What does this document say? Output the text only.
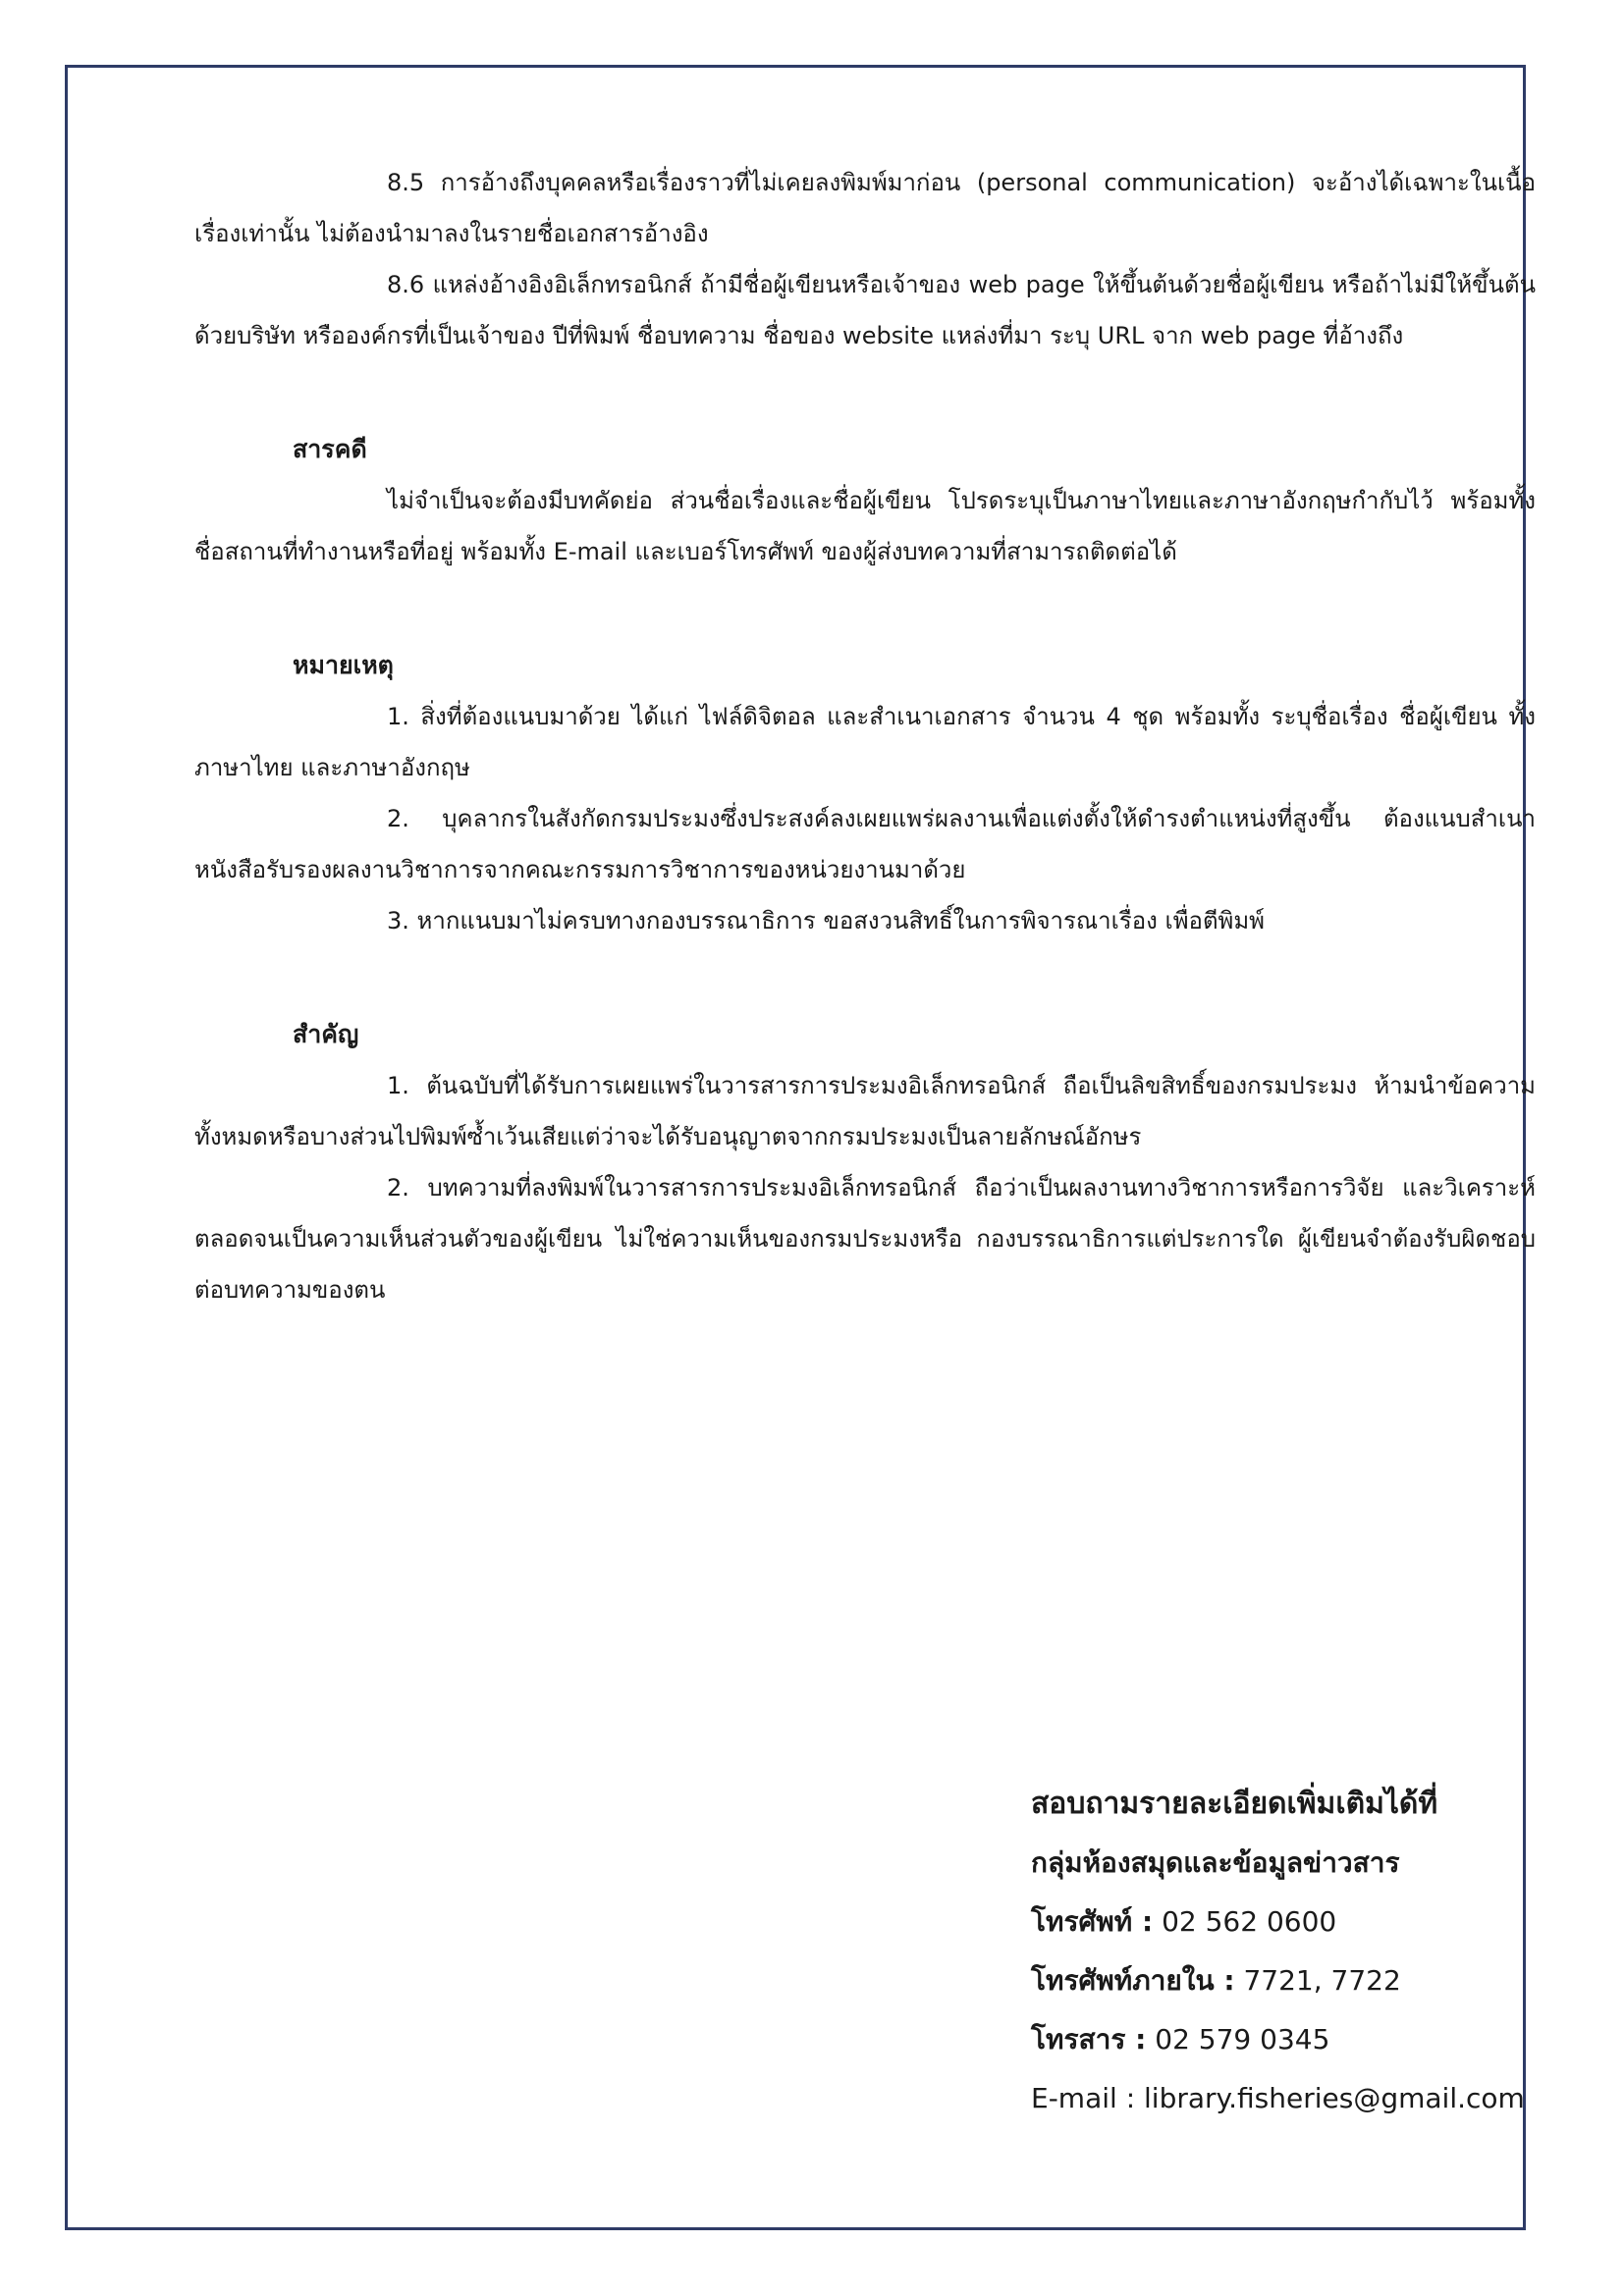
8.5 การอ้างถึงบุคคลหรือเรื่องราวที่ไม่เคยลงพิมพ์มาก่อน (personal communication) จะอ้างได้เฉพาะในเนื้อเรื่องเท่านั้น ไม่ต้องนำมาลงในรายชื่อเอกสารอ้างอิง

8.6 แหล่งอ้างอิงอิเล็กทรอนิกส์ ถ้ามีชื่อผู้เขียนหรือเจ้าของ web page ให้ขึ้นต้นด้วยชื่อผู้เขียน หรือถ้าไม่มีให้ขึ้นต้นด้วยบริษัท หรือองค์กรที่เป็นเจ้าของ ปีที่พิมพ์ ชื่อบทความ ชื่อของ website แหล่งที่มา ระบุ URL จาก web page ที่อ้างถึง

สารคดี

ไม่จำเป็นจะต้องมีบทคัดย่อ ส่วนชื่อเรื่องและชื่อผู้เขียน โปรดระบุเป็นภาษาไทยและภาษาอังกฤษกำกับไว้ พร้อมทั้งชื่อสถานที่ทำงานหรือที่อยู่ พร้อมทั้ง E-mail และเบอร์โทรศัพท์ ของผู้ส่งบทความที่สามารถติดต่อได้

หมายเหตุ

1. สิ่งที่ต้องแนบมาด้วย ได้แก่ ไฟล์ดิจิตอล และสำเนาเอกสาร จำนวน 4 ชุด พร้อมทั้ง ระบุชื่อเรื่อง ชื่อผู้เขียน ทั้งภาษาไทย และภาษาอังกฤษ

2. บุคลากรในสังกัดกรมประมงซึ่งประสงค์ลงเผยแพร่ผลงานเพื่อแต่งตั้งให้ดำรงตำแหน่งที่สูงขึ้น ต้องแนบสำเนาหนังสือรับรองผลงานวิชาการจากคณะกรรมการวิชาการของหน่วยงานมาด้วย

3. หากแนบมาไม่ครบทางกองบรรณาธิการ ขอสงวนสิทธิ์ในการพิจารณาเรื่อง เพื่อตีพิมพ์

สำคัญ

1. ต้นฉบับที่ได้รับการเผยแพร่ในวารสารการประมงอิเล็กทรอนิกส์ ถือเป็นลิขสิทธิ์ของกรมประมง ห้ามนำข้อความทั้งหมดหรือบางส่วนไปพิมพ์ซ้ำเว้นเสียแต่ว่าจะได้รับอนุญาตจากกรมประมงเป็นลายลักษณ์อักษร

2. บทความที่ลงพิมพ์ในวารสารการประมงอิเล็กทรอนิกส์ ถือว่าเป็นผลงานทางวิชาการหรือการวิจัย และวิเคราะห์ ตลอดจนเป็นความเห็นส่วนตัวของผู้เขียน ไม่ใช่ความเห็นของกรมประมงหรือ กองบรรณาธิการแต่ประการใด ผู้เขียนจำต้องรับผิดชอบต่อบทความของตน

สอบถามรายละเอียดเพิ่มเติมได้ที่

กลุ่มห้องสมุดและข้อมูลข่าวสาร

โทรศัพท์ : 02 562 0600

โทรศัพท์ภายใน : 7721, 7722

โทรสาร : 02 579 0345

E-mail : library.fisheries@gmail.com
